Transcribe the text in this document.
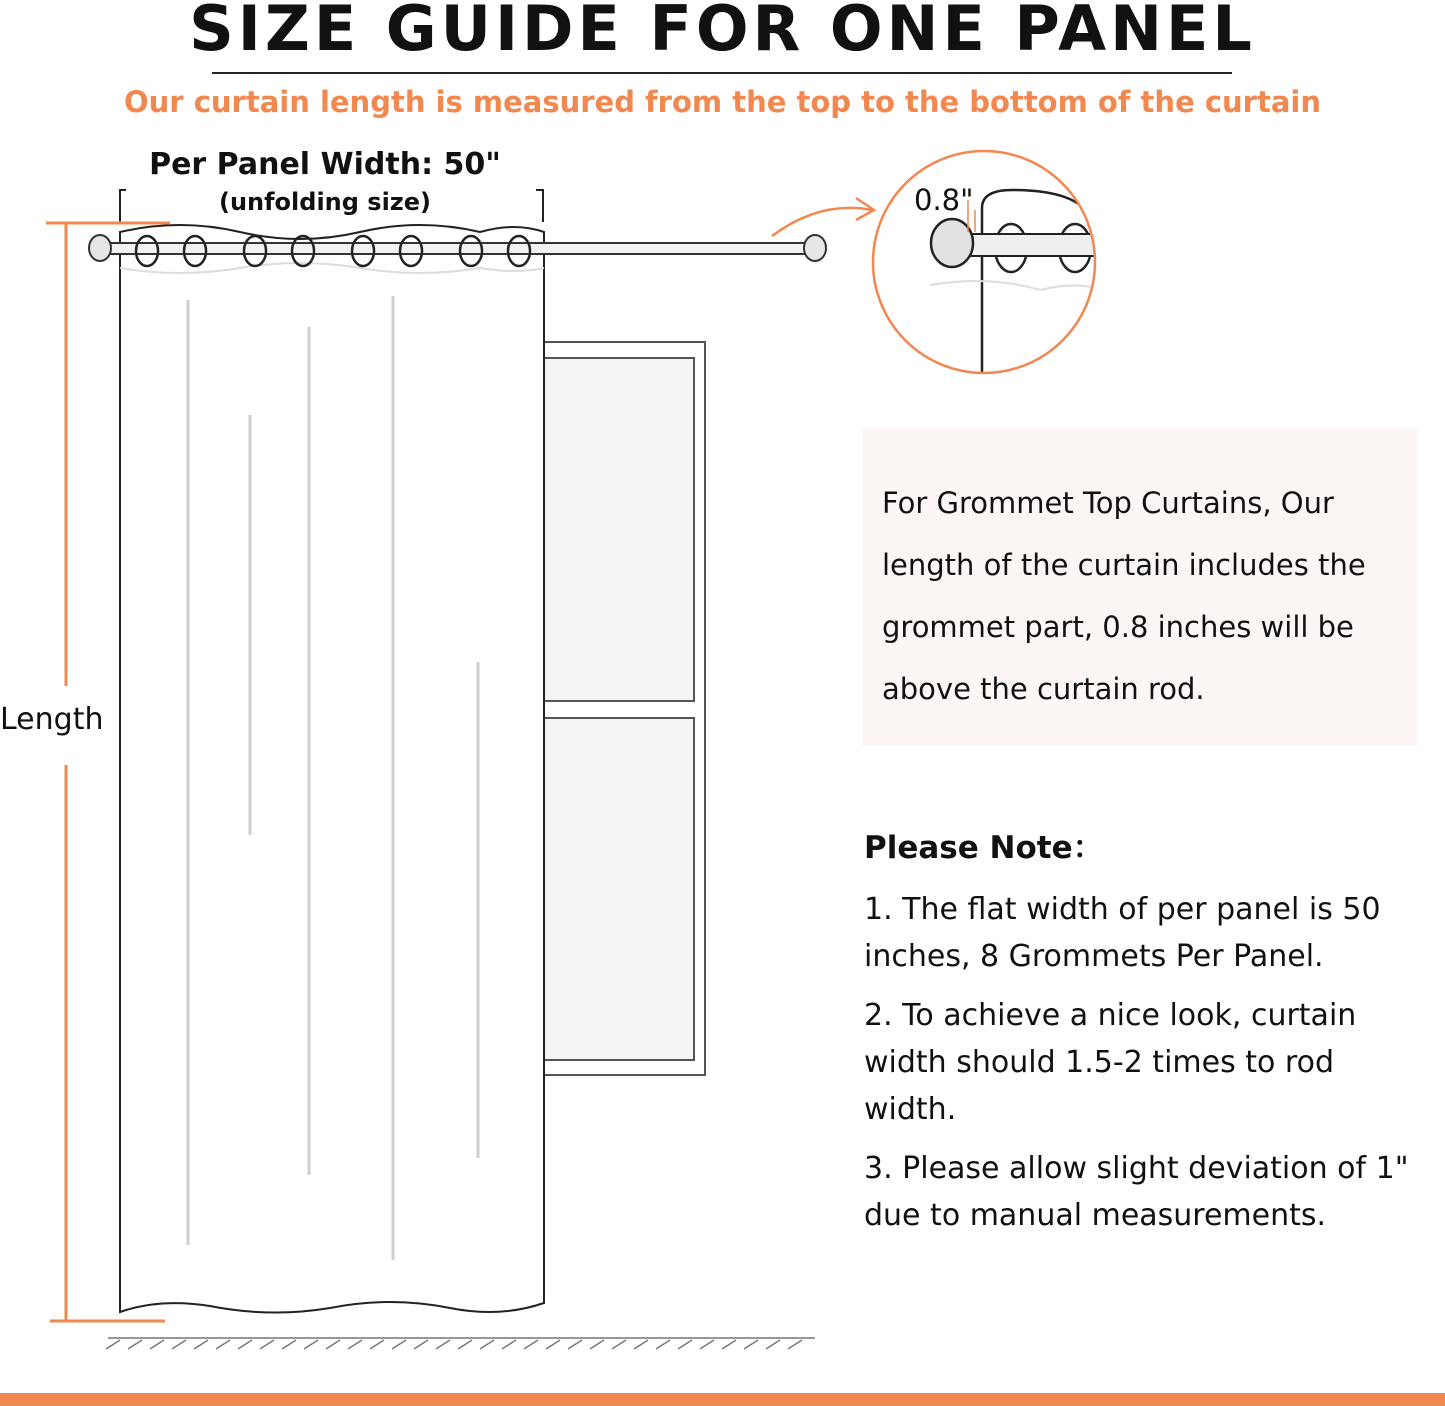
SIZE GUIDE FOR ONE PANEL
Our curtain length is measured from the top to the bottom of the curtain
Per Panel Width: 50"
(unfolding size)
Length
0.8"

For Grommet Top Curtains, Our

length of the curtain includes the

grommet part, 0.8 inches will be

above the curtain rod.

Please Note：
1. The flat width of per panel is 50 inches, 8 Grommets Per Panel.
2. To achieve a nice look, curtain width should 1.5-2 times to rod width.
3. Please allow slight deviation of 1" due to manual measurements.
